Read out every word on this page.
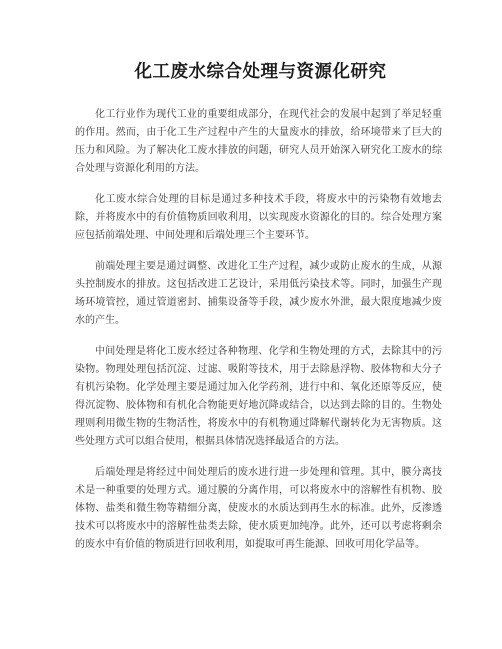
化工废水综合处理与资源化研究

化工行业作为现代工业的重要组成部分，在现代社会的发展中起到了举足轻重的作用。然而，由于化工生产过程中产生的大量废水的排放，给环境带来了巨大的压力和风险。为了解决化工废水排放的问题，研究人员开始深入研究化工废水的综合处理与资源化利用的方法。

化工废水综合处理的目标是通过多种技术手段，将废水中的污染物有效地去除，并将废水中的有价值物质回收利用，以实现废水资源化的目的。综合处理方案应包括前端处理、中间处理和后端处理三个主要环节。

前端处理主要是通过调整、改进化工生产过程，减少或防止废水的生成，从源头控制废水的排放。这包括改进工艺设计，采用低污染技术等。同时，加强生产现场环境管控，通过管道密封、捕集设备等手段，减少废水外泄，最大限度地减少废水的产生。

中间处理是将化工废水经过各种物理、化学和生物处理的方式，去除其中的污染物。物理处理包括沉淀、过滤、吸附等技术，用于去除悬浮物、胶体物和大分子有机污染物。化学处理主要是通过加入化学药剂，进行中和、氧化还原等反应，使得沉淀物、胶体物和有机化合物能更好地沉降或结合，以达到去除的目的。生物处理则利用微生物的生物活性，将废水中的有机物通过降解代谢转化为无害物质。这些处理方式可以组合使用，根据具体情况选择最适合的方法。

后端处理是将经过中间处理后的废水进行进一步处理和管理。其中，膜分离技术是一种重要的处理方式。通过膜的分离作用，可以将废水中的溶解性有机物、胶体物、盐类和微生物等精细分离，使废水的水质达到再生水的标准。此外，反渗透技术可以将废水中的溶解性盐类去除，使水质更加纯净。此外，还可以考虑将剩余的废水中有价值的物质进行回收利用，如提取可再生能源、回收可用化学品等。
